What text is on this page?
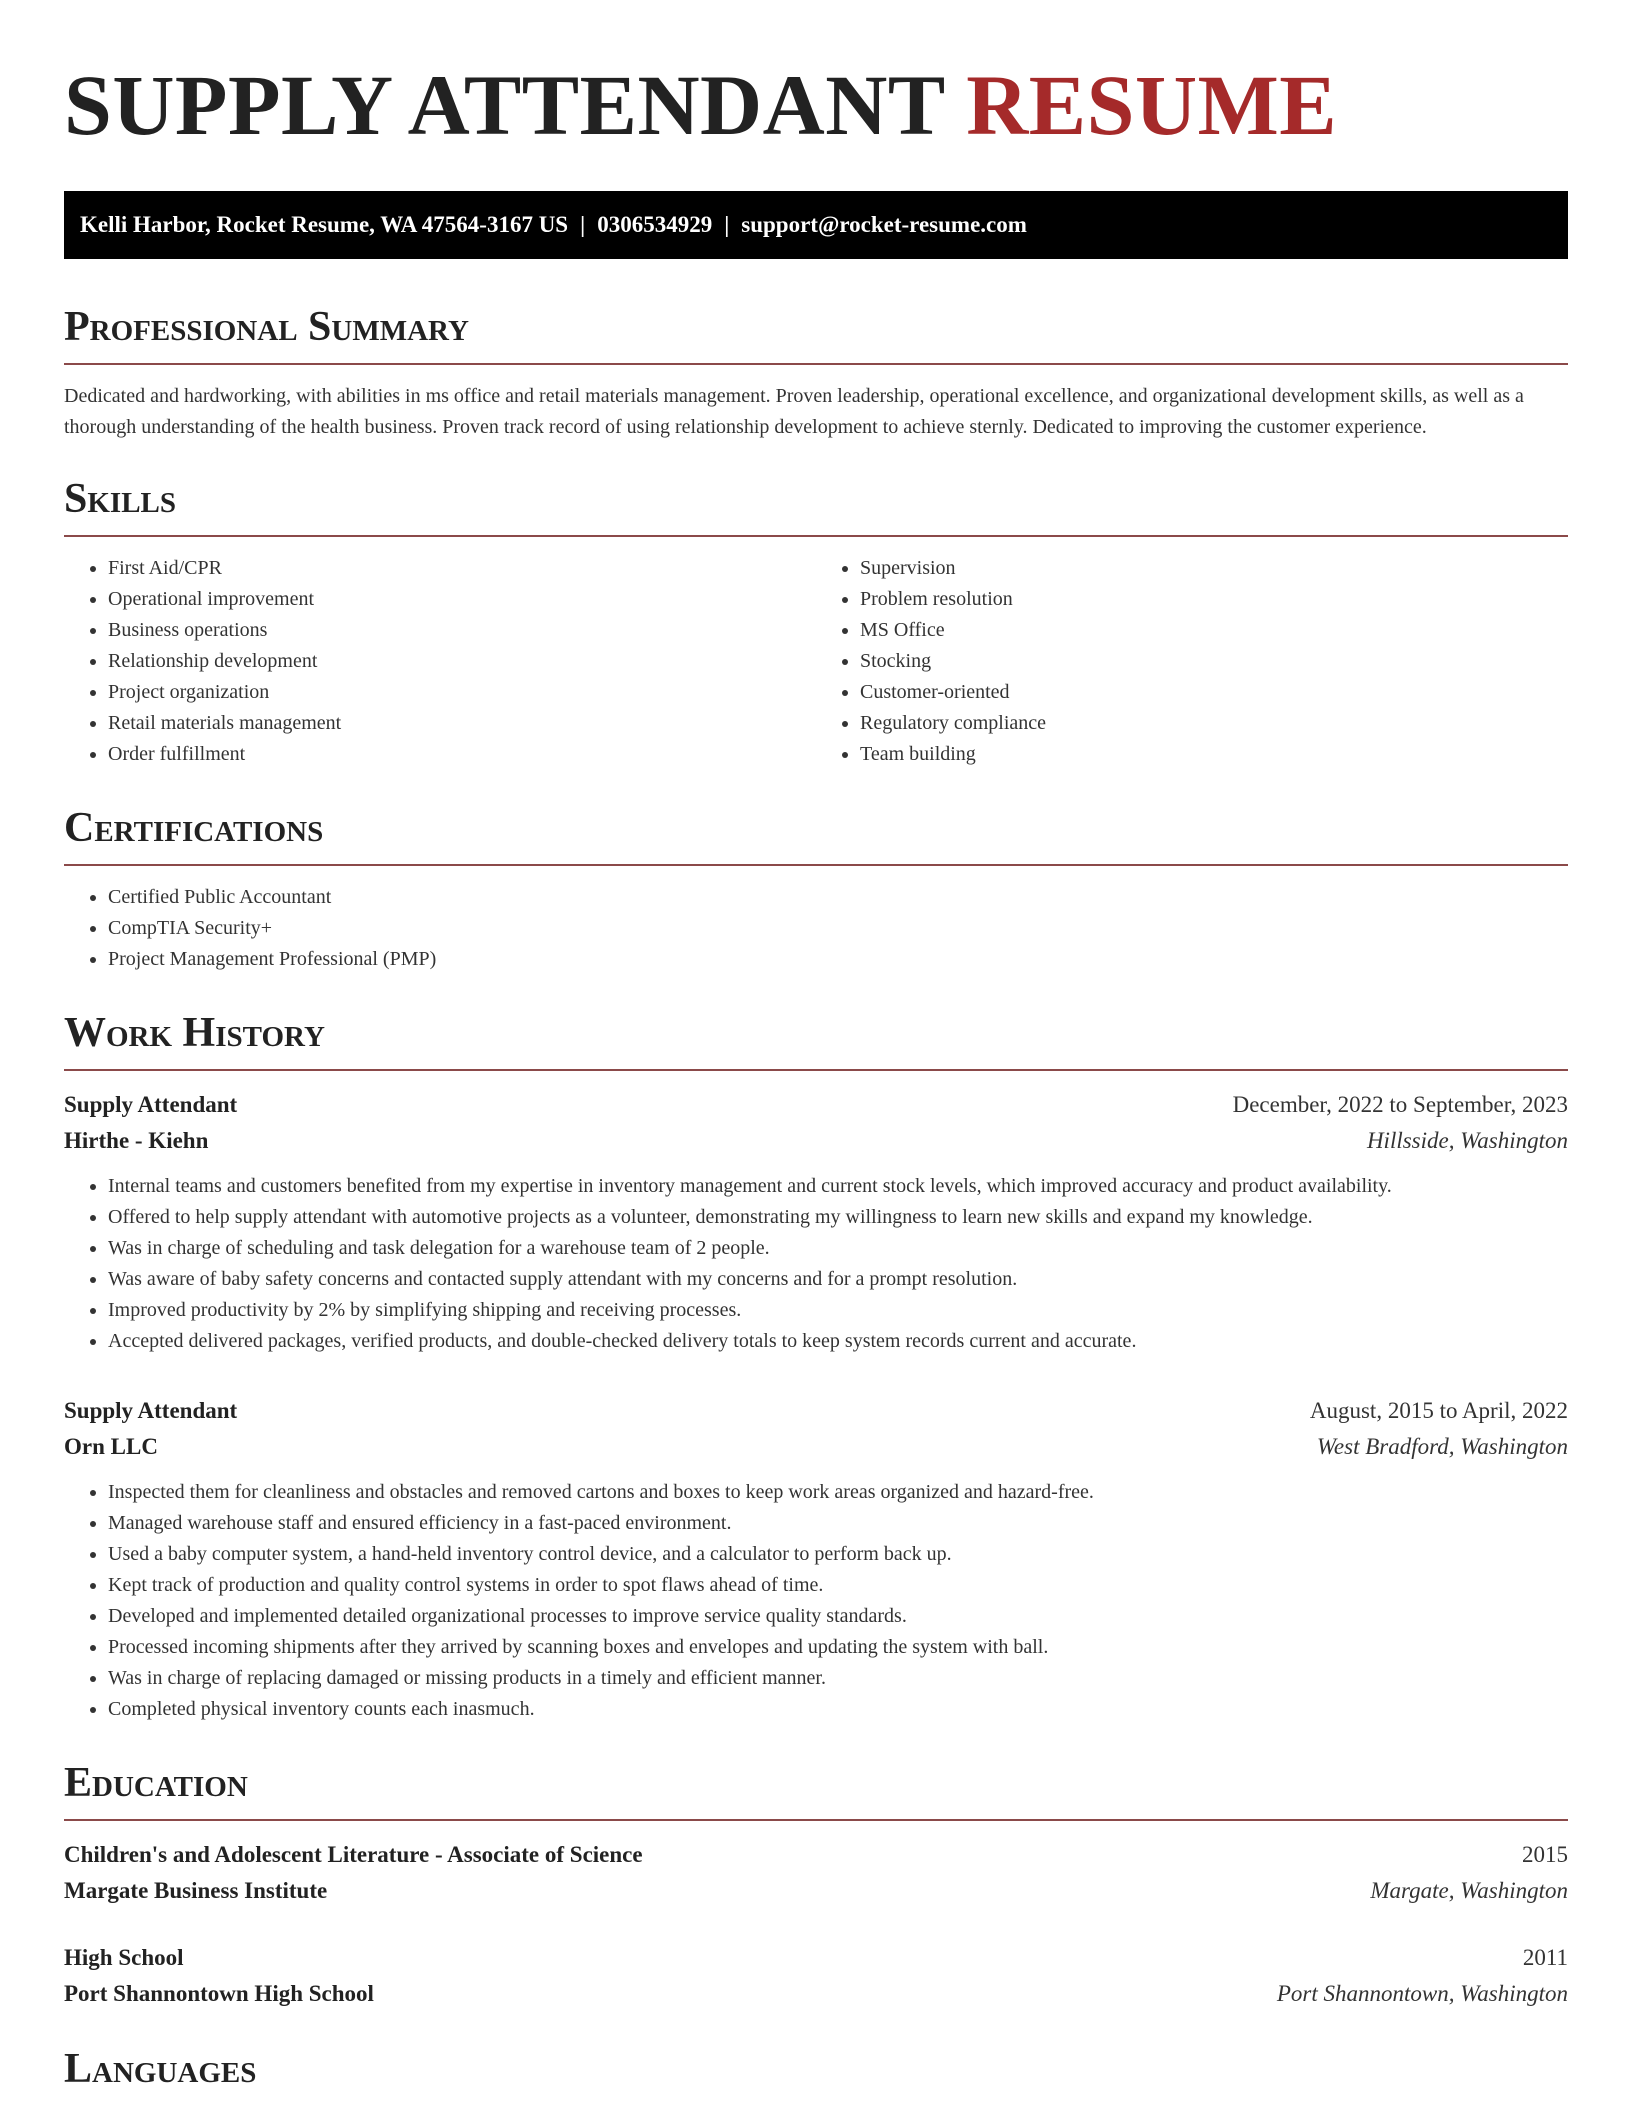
SUPPLY ATTENDANT RESUME
Kelli Harbor, Rocket Resume, WA 47564-3167 US | 0306534929 | support@rocket-resume.com
Professional Summary

Dedicated and hardworking, with abilities in ms office and retail materials management. Proven leadership, operational excellence, and organizational development skills, as well as a thorough understanding of the health business. Proven track record of using relationship development to achieve sternly. Dedicated to improving the customer experience.

Skills
• First Aid/CPR
• Operational improvement
• Business operations
• Relationship development
• Project organization
• Retail materials management
• Order fulfillment
• Supervision
• Problem resolution
• MS Office
• Stocking
• Customer-oriented
• Regulatory compliance
• Team building
Certifications
• Certified Public Accountant
• CompTIA Security+
• Project Management Professional (PMP)
Work History
Supply Attendant	December, 2022 to September, 2023
Hirthe - Kiehn	Hillsside, Washington
• Internal teams and customers benefited from my expertise in inventory management and current stock levels, which improved accuracy and product availability.
• Offered to help supply attendant with automotive projects as a volunteer, demonstrating my willingness to learn new skills and expand my knowledge.
• Was in charge of scheduling and task delegation for a warehouse team of 2 people.
• Was aware of baby safety concerns and contacted supply attendant with my concerns and for a prompt resolution.
• Improved productivity by 2% by simplifying shipping and receiving processes.
• Accepted delivered packages, verified products, and double-checked delivery totals to keep system records current and accurate.
Supply Attendant	August, 2015 to April, 2022
Orn LLC	West Bradford, Washington
• Inspected them for cleanliness and obstacles and removed cartons and boxes to keep work areas organized and hazard-free.
• Managed warehouse staff and ensured efficiency in a fast-paced environment.
• Used a baby computer system, a hand-held inventory control device, and a calculator to perform back up.
• Kept track of production and quality control systems in order to spot flaws ahead of time.
• Developed and implemented detailed organizational processes to improve service quality standards.
• Processed incoming shipments after they arrived by scanning boxes and envelopes and updating the system with ball.
• Was in charge of replacing damaged or missing products in a timely and efficient manner.
• Completed physical inventory counts each inasmuch.
Education
Children's and Adolescent Literature - Associate of Science	2015
Margate Business Institute	Margate, Washington
High School	2011
Port Shannontown High School	Port Shannontown, Washington
Languages
